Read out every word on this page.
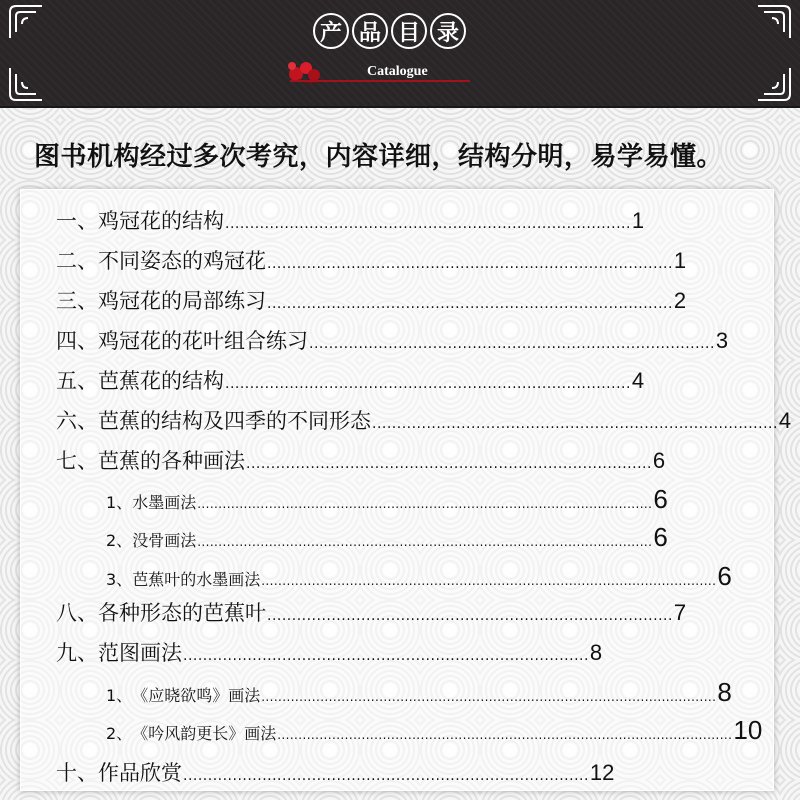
产 品 目 录
Catalogue
图书机构经过多次考究，内容详细，结构分明，易学易懂。
一、 鸡冠花的结构 .................................................................................. 1
二、 不同姿态的鸡冠花 .................................................................................. 1
三、 鸡冠花的局部练习 .................................................................................. 2
四、 鸡冠花的花叶组合练习 .................................................................................. 3
五、 芭蕉花的结构 .................................................................................. 4
六、 芭蕉的结构及四季的不同形态 .................................................................................. 4
七、 芭蕉的各种画法 .................................................................................. 6
1、 水墨画法 ............................................................................................................ 6
2、 没骨画法 ............................................................................................................ 6
3、 芭蕉叶的水墨画法 ............................................................................................................ 6
八、 各种形态的芭蕉叶 .................................................................................. 7
九、 范图画法 .................................................................................. 8
1、 《应晓欲鸣》画法 ............................................................................................................ 8
2、 《吟风韵更长》画法 ............................................................................................................ 10
十、 作品欣赏 .................................................................................. 12
